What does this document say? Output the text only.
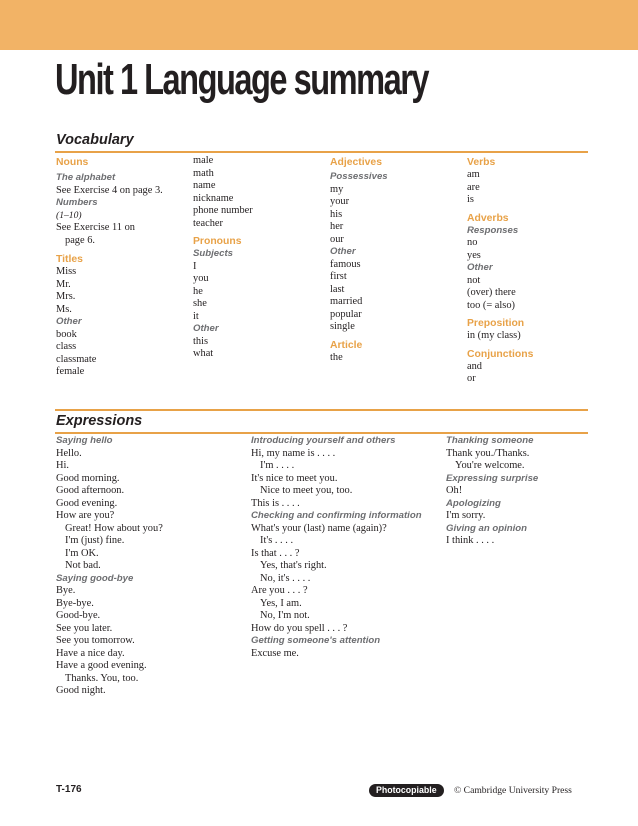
Unit 1 Language summary
Vocabulary
Nouns
The alphabet
See Exercise 4 on page 3.
Numbers
(1–10)
See Exercise 11 on
page 6.
Titles
Miss
Mr.
Mrs.
Ms.
Other
book
class
classmate
female
male
math
name
nickname
phone number
teacher
Pronouns
Subjects
I
you
he
she
it
Other
this
what
Adjectives
Possessives
my
your
his
her
our
Other
famous
first
last
married
popular
single
Article
the
Verbs
am
are
is
Adverbs
Responses
no
yes
Other
not
(over) there
too (= also)
Preposition
in (my class)
Conjunctions
and
or
Expressions
Saying hello
Hello.
Hi.
Good morning.
Good afternoon.
Good evening.
How are you?
Great! How about you?
I'm (just) fine.
I'm OK.
Not bad.
Saying good-bye
Bye.
Bye-bye.
Good-bye.
See you later.
See you tomorrow.
Have a nice day.
Have a good evening.
Thanks. You, too.
Good night.
Introducing yourself and others
Hi, my name is . . . .
I'm . . . .
It's nice to meet you.
Nice to meet you, too.
This is . . . .
Checking and confirming information
What's your (last) name (again)?
It's . . . .
Is that . . . ?
Yes, that's right.
No, it's . . . .
Are you . . . ?
Yes, I am.
No, I'm not.
How do you spell . . . ?
Getting someone's attention
Excuse me.
Thanking someone
Thank you./Thanks.
You're welcome.
Expressing surprise
Oh!
Apologizing
I'm sorry.
Giving an opinion
I think . . . .
T-176	Photocopiable	© Cambridge University Press
